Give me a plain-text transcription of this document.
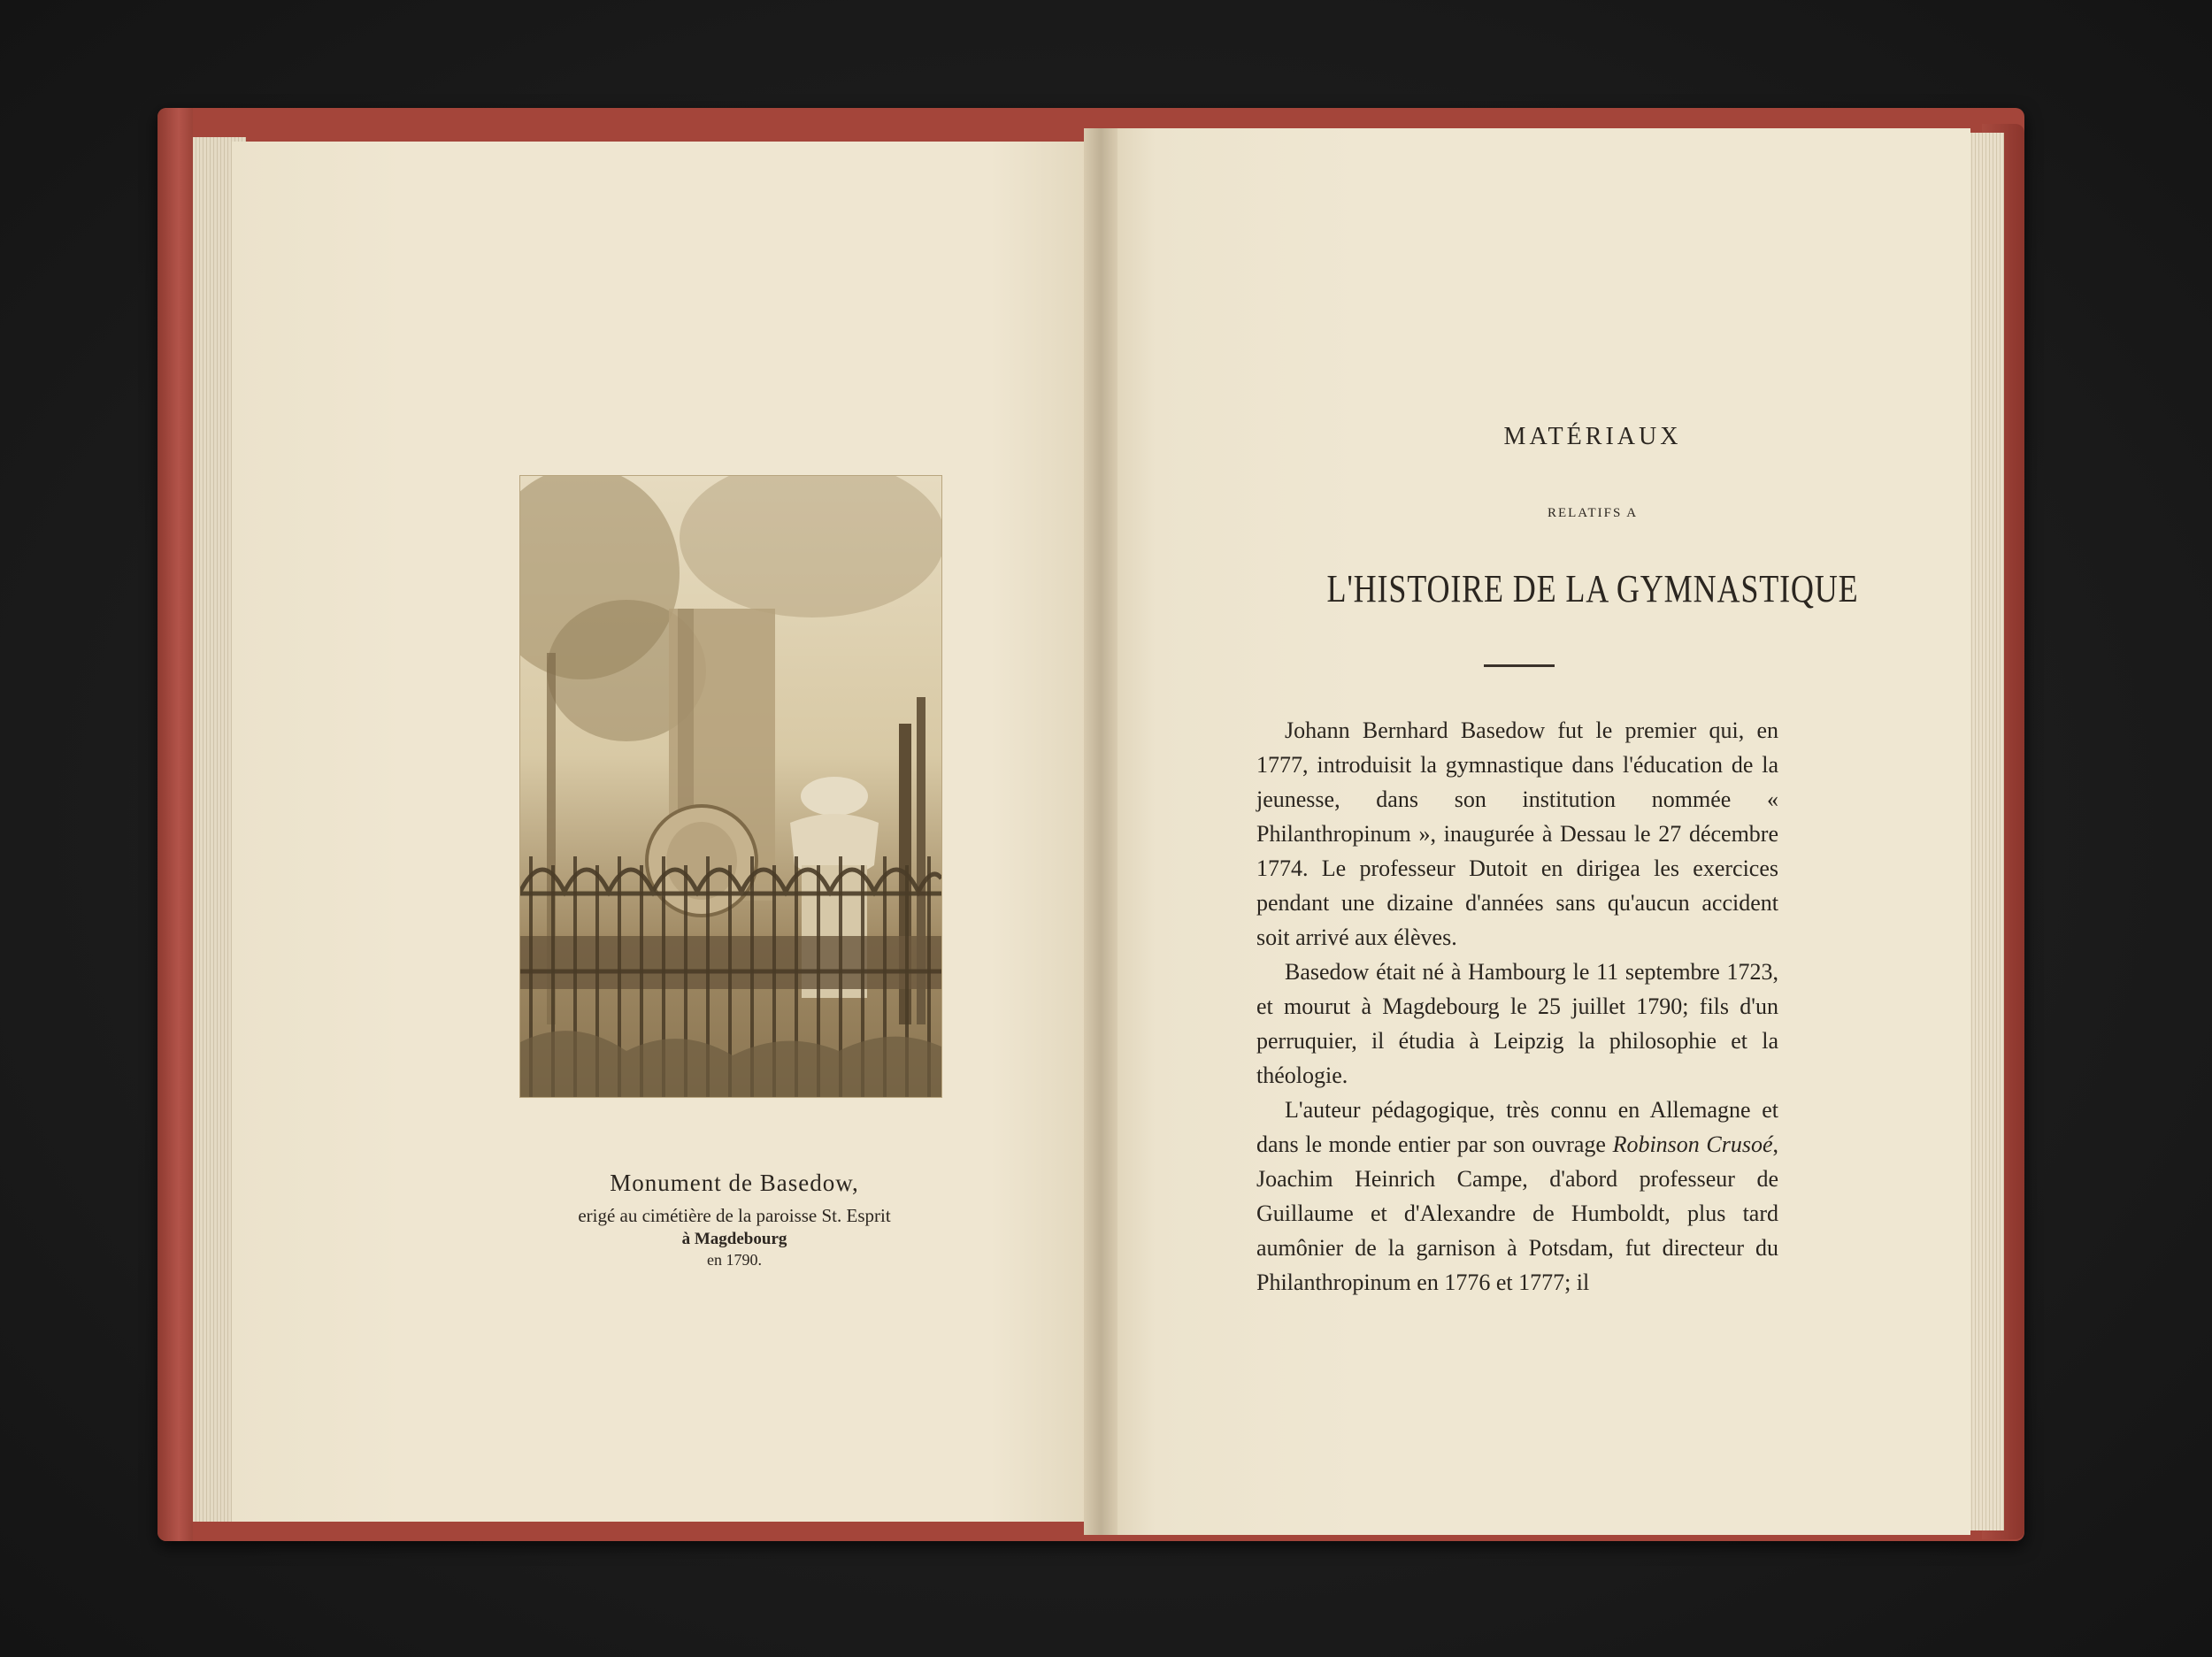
Monument de Basedow,
erigé au cimétière de la paroisse St. Esprit
à Magdebourg
en 1790.
MATÉRIAUX
RELATIFS A
L'HISTOIRE DE LA GYMNASTIQUE

Johann Bernhard Basedow fut le premier qui, en 1777, introduisit la gymnastique dans l'éducation de la jeunesse, dans son institution nommée « Philanthropinum », inaugurée à Dessau le 27 décembre 1774. Le professeur Dutoit en dirigea les exercices pendant une dizaine d'années sans qu'aucun accident soit arrivé aux élèves.

Basedow était né à Hambourg le 11 septembre 1723, et mourut à Magdebourg le 25 juillet 1790; fils d'un perruquier, il étudia à Leipzig la philosophie et la théologie.

L'auteur pédagogique, très connu en Allemagne et dans le monde entier par son ouvrage Robinson Crusoé, Joachim Heinrich Campe, d'abord professeur de Guillaume et d'Alexandre de Humboldt, plus tard aumônier de la garnison à Potsdam, fut directeur du Philanthropinum en 1776 et 1777; il
